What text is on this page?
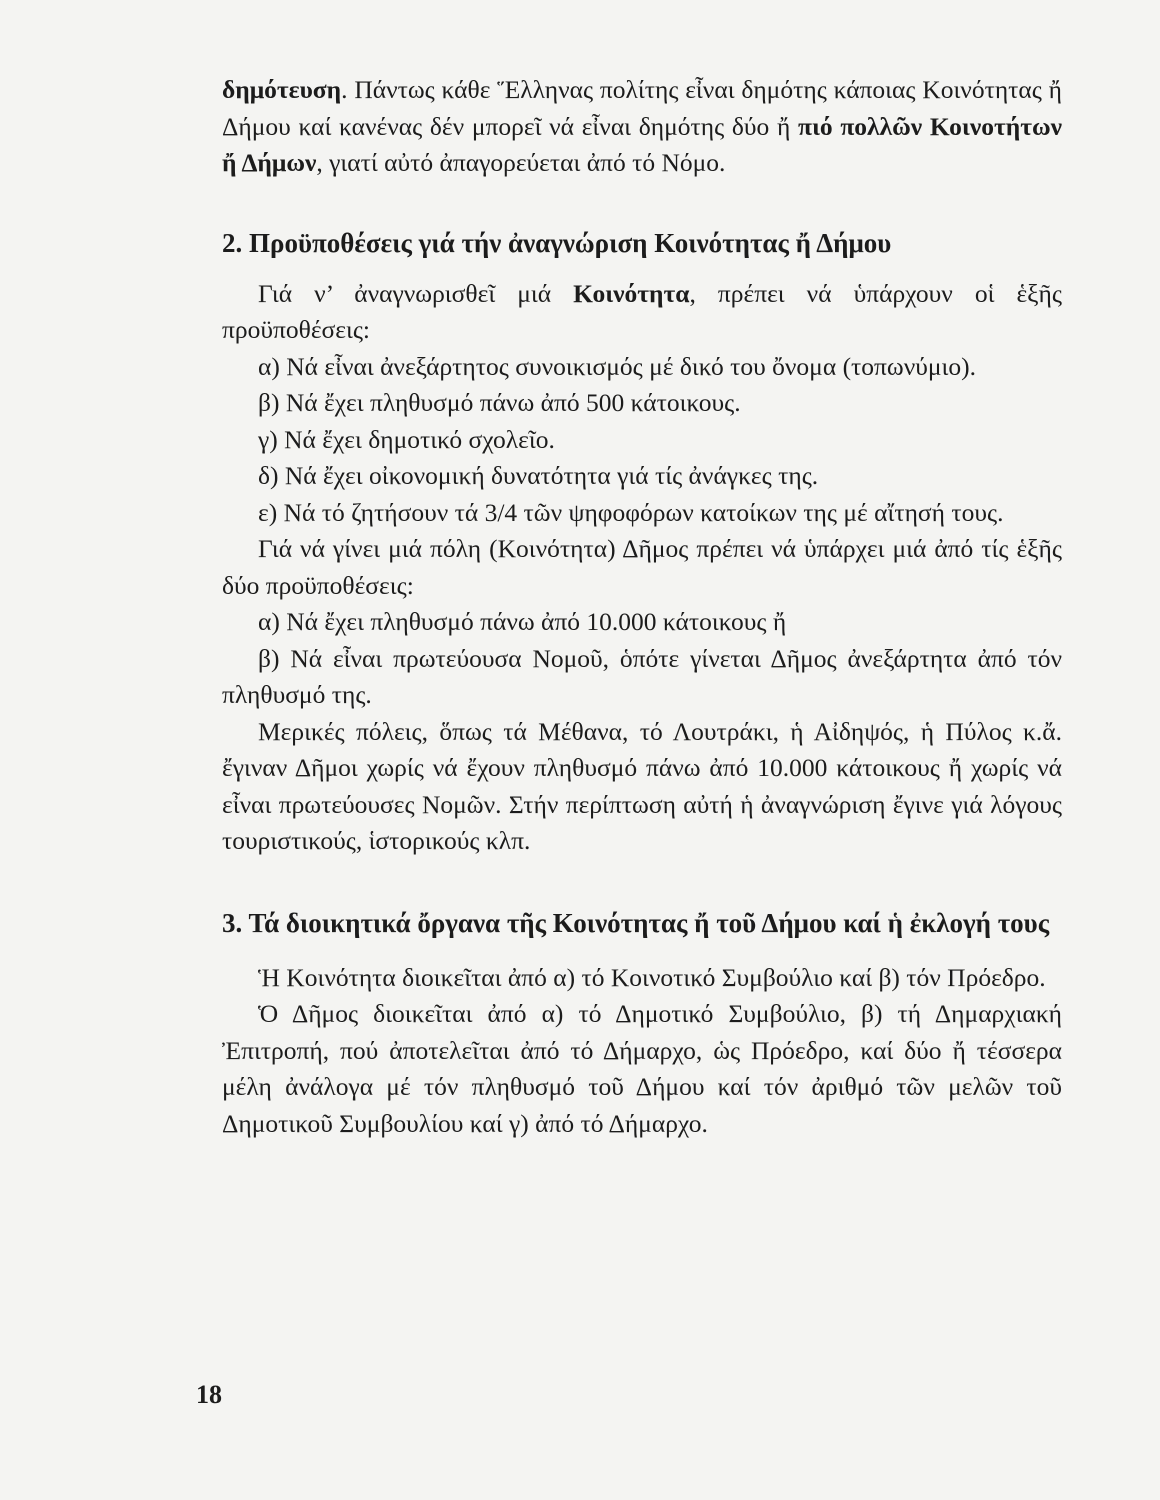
δημότευση. Πάντως κάθε Ἕλληνας πολίτης εἶναι δημότης κάποιας Κοινότητας ἤ Δήμου καί κανένας δέν μπορεῖ νά εἶναι δημότης δύο ἤ πιό πολλῶν Κοινοτήτων ἤ Δήμων, γιατί αὐτό ἀπαγορεύεται ἀπό τό Νόμο.

2. Προϋποθέσεις γιά τήν ἀναγνώριση Κοινότητας ἤ Δήμου

Γιά ν’ ἀναγνωρισθεῖ μιά Κοινότητα, πρέπει νά ὑπάρχουν οἱ ἑξῆς προϋποθέσεις:

α) Νά εἶναι ἀνεξάρτητος συνοικισμός μέ δικό του ὄνομα (τοπωνύμιο).

β) Νά ἔχει πληθυσμό πάνω ἀπό 500 κάτοικους.

γ) Νά ἔχει δημοτικό σχολεῖο.

δ) Νά ἔχει οἰκονομική δυνατότητα γιά τίς ἀνάγκες της.

ε) Νά τό ζητήσουν τά 3/4 τῶν ψηφοφόρων κατοίκων της μέ αἴτησή τους.

Γιά νά γίνει μιά πόλη (Κοινότητα) Δῆμος πρέπει νά ὑπάρχει μιά ἀπό τίς ἑξῆς δύο προϋποθέσεις:

α) Νά ἔχει πληθυσμό πάνω ἀπό 10.000 κάτοικους ἤ

β) Νά εἶναι πρωτεύουσα Νομοῦ, ὁπότε γίνεται Δῆμος ἀνεξάρτητα ἀπό τόν πληθυσμό της.

Μερικές πόλεις, ὅπως τά Μέθανα, τό Λουτράκι, ἡ Αἰδηψός, ἡ Πύλος κ.ἄ. ἔγιναν Δῆμοι χωρίς νά ἔχουν πληθυσμό πάνω ἀπό 10.000 κάτοικους ἤ χωρίς νά εἶναι πρωτεύουσες Νομῶν. Στήν περίπτωση αὐτή ἡ ἀναγνώριση ἔγινε γιά λόγους τουριστικούς, ἱστορικούς κλπ.

3. Τά διοικητικά ὄργανα τῆς Κοινότητας ἤ τοῦ Δήμου καί ἡ ἐκλογή τους

Ἡ Κοινότητα διοικεῖται ἀπό α) τό Κοινοτικό Συμβούλιο καί β) τόν Πρόεδρο.

Ὁ Δῆμος διοικεῖται ἀπό α) τό Δημοτικό Συμβούλιο, β) τή Δημαρχιακή Ἐπιτροπή, πού ἀποτελεῖται ἀπό τό Δήμαρχο, ὡς Πρόεδρο, καί δύο ἤ τέσσερα μέλη ἀνάλογα μέ τόν πληθυσμό τοῦ Δήμου καί τόν ἀριθμό τῶν μελῶν τοῦ Δημοτικοῦ Συμβουλίου καί γ) ἀπό τό Δήμαρχο.

18
